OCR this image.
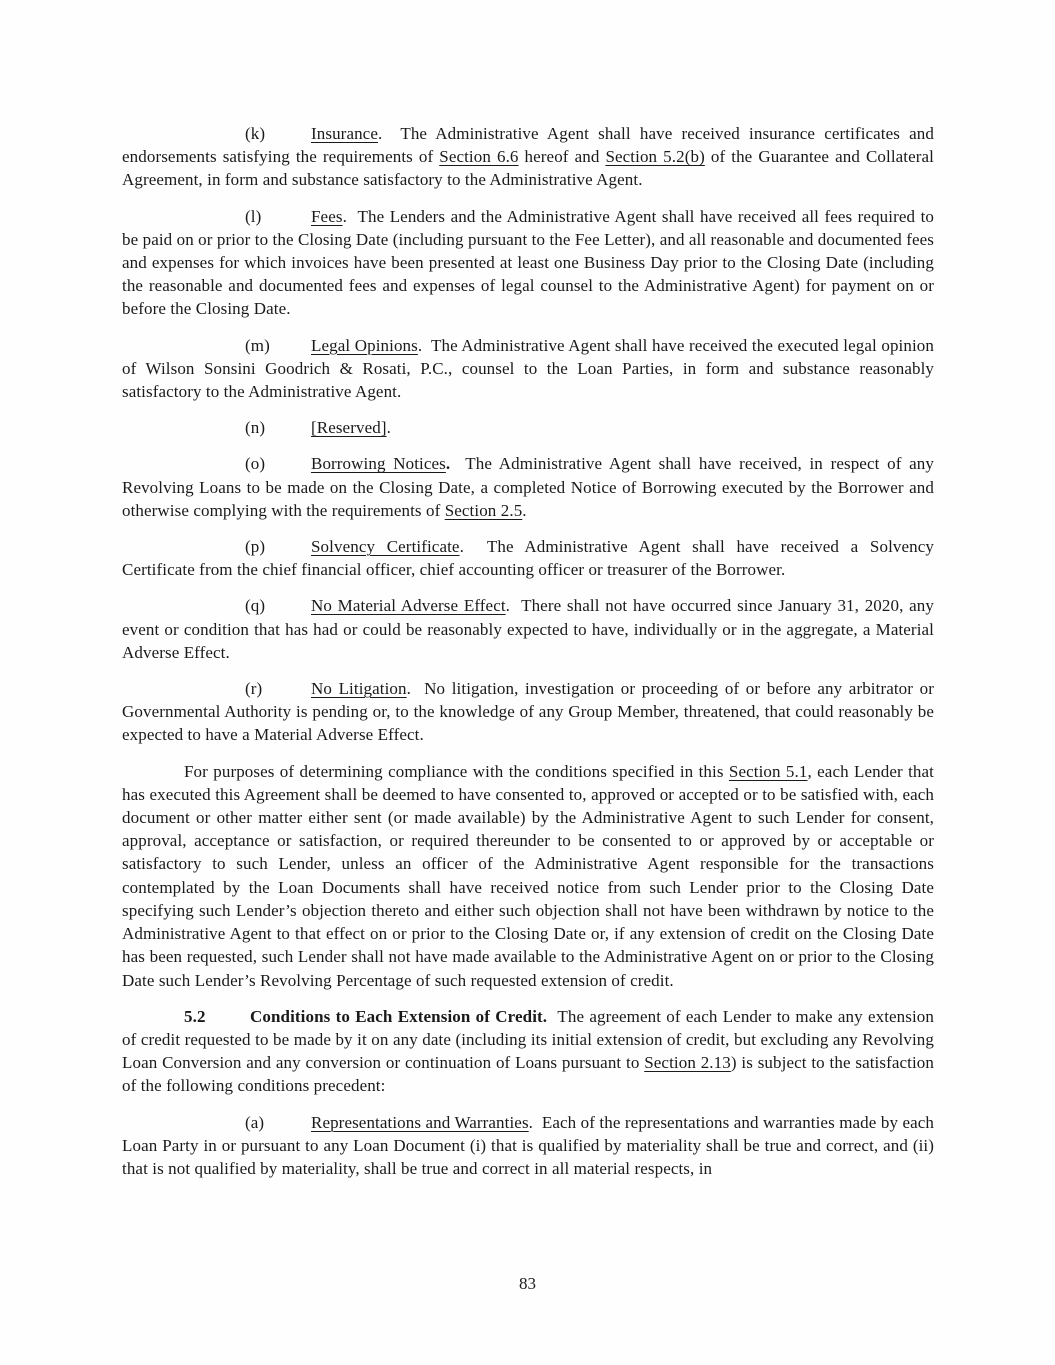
(k)	Insurance.  The Administrative Agent shall have received insurance certificates and endorsements satisfying the requirements of Section 6.6 hereof and Section 5.2(b) of the Guarantee and Collateral Agreement, in form and substance satisfactory to the Administrative Agent.

(l)	Fees.  The Lenders and the Administrative Agent shall have received all fees required to be paid on or prior to the Closing Date (including pursuant to the Fee Letter), and all reasonable and documented fees and expenses for which invoices have been presented at least one Business Day prior to the Closing Date (including the reasonable and documented fees and expenses of legal counsel to the Administrative Agent) for payment on or before the Closing Date.

(m) Legal Opinions.  The Administrative Agent shall have received the executed legal opinion of Wilson Sonsini Goodrich & Rosati, P.C., counsel to the Loan Parties, in form and substance reasonably satisfactory to the Administrative Agent.

(n)	[Reserved].

(o)	Borrowing Notices.  The Administrative Agent shall have received, in respect of any Revolving Loans to be made on the Closing Date, a completed Notice of Borrowing executed by the Borrower and otherwise complying with the requirements of Section 2.5.

(p)	Solvency Certificate.  The Administrative Agent shall have received a Solvency Certificate from the chief financial officer, chief accounting officer or treasurer of the Borrower.

(q)	No Material Adverse Effect.  There shall not have occurred since January 31, 2020, any event or condition that has had or could be reasonably expected to have, individually or in the aggregate, a Material Adverse Effect.

(r)	No Litigation.  No litigation, investigation or proceeding of or before any arbitrator or Governmental Authority is pending or, to the knowledge of any Group Member, threatened, that could reasonably be expected to have a Material Adverse Effect.

For purposes of determining compliance with the conditions specified in this Section 5.1, each Lender that has executed this Agreement shall be deemed to have consented to, approved or accepted or to be satisfied with, each document or other matter either sent (or made available) by the Administrative Agent to such Lender for consent, approval, acceptance or satisfaction, or required thereunder to be consented to or approved by or acceptable or satisfactory to such Lender, unless an officer of the Administrative Agent responsible for the transactions contemplated by the Loan Documents shall have received notice from such Lender prior to the Closing Date specifying such Lender’s objection thereto and either such objection shall not have been withdrawn by notice to the Administrative Agent to that effect on or prior to the Closing Date or, if any extension of credit on the Closing Date has been requested, such Lender shall not have made available to the Administrative Agent on or prior to the Closing Date such Lender’s Revolving Percentage of such requested extension of credit.

5.2	Conditions to Each Extension of Credit.  The agreement of each Lender to make any extension of credit requested to be made by it on any date (including its initial extension of credit, but excluding any Revolving Loan Conversion and any conversion or continuation of Loans pursuant to Section 2.13) is subject to the satisfaction of the following conditions precedent:

(a)	Representations and Warranties.  Each of the representations and warranties made by each Loan Party in or pursuant to any Loan Document (i) that is qualified by materiality shall be true and correct, and (ii) that is not qualified by materiality, shall be true and correct in all material respects, in

83
